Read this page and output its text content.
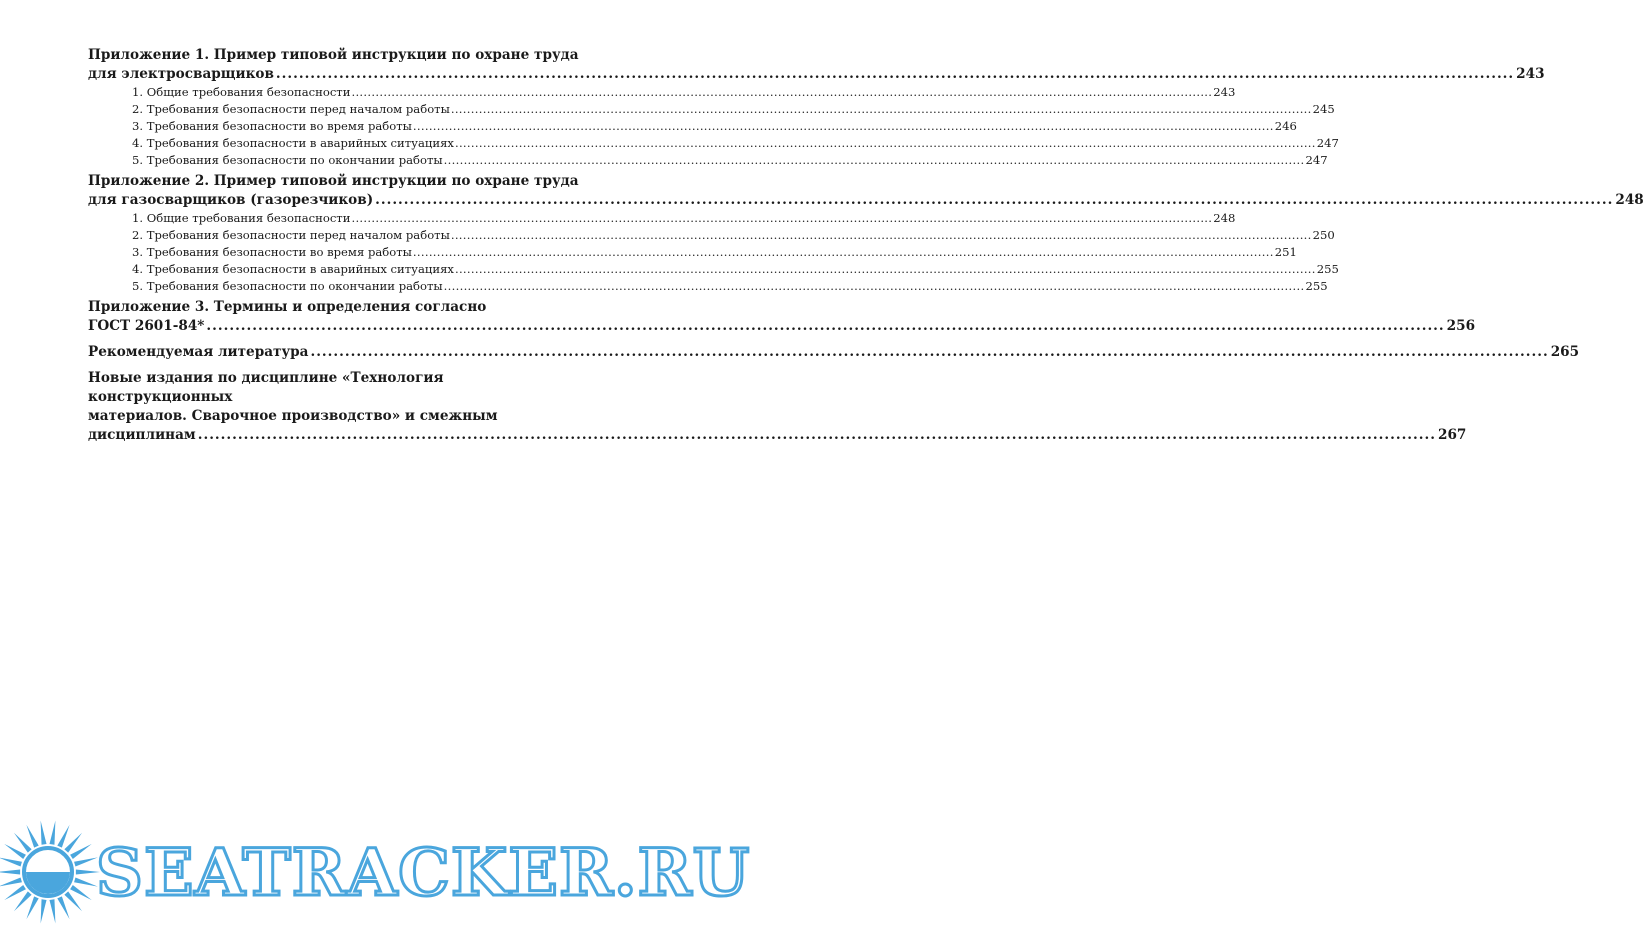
Приложение 1. Пример типовой инструкции по охране труда
для электросварщиков .....	243
1. Общие требования безопасности .....	243
2. Требования безопасности перед началом работы .....	245
3. Требования безопасности во время работы .....	246
4. Требования безопасности в аварийных ситуациях .....	247
5. Требования безопасности по окончании работы .....	247
Приложение 2. Пример типовой инструкции по охране труда
для газосварщиков (газорезчиков) .....	248
1. Общие требования безопасности .....	248
2. Требования безопасности перед началом работы .....	250
3. Требования безопасности во время работы .....	251
4. Требования безопасности в аварийных ситуациях .....	255
5. Требования безопасности по окончании работы .....	255
Приложение 3. Термины и определения согласно
ГОСТ 2601-84* .....	256
Рекомендуемая литература .....	265
Новые издания по дисциплине «Технология конструкционных
материалов. Сварочное производство» и смежным
дисциплинам .....	267
SEATRACKER.RU
